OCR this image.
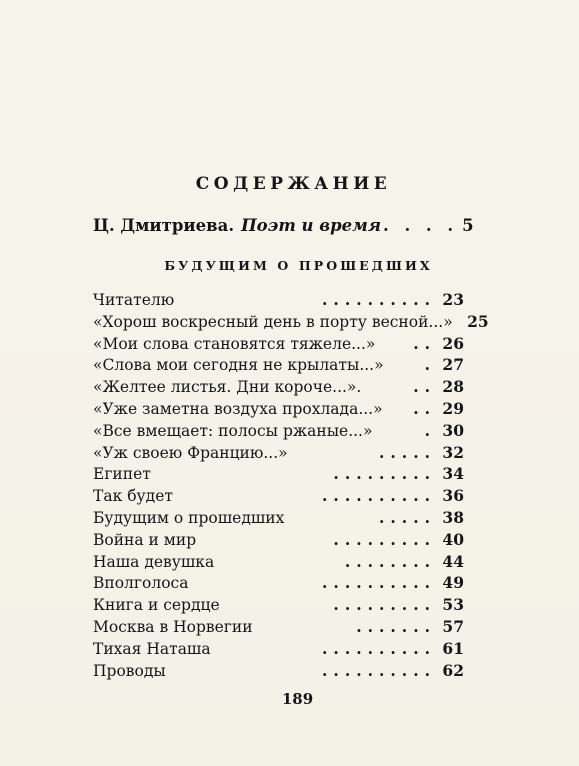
СОДЕРЖАНИЕ
Ц. Дмитриева. Поэт и время . . . . 5
БУДУЩИМ О ПРОШЕДШИХ
Читателю	.......... 23
«Хорош воскресный день в порту весной...» 25
«Мои слова становятся тяжеле...»	.. 26
«Слова мои сегодня не крылаты...»	. 27
«Желтее листья. Дни короче...».	.. 28
«Уже заметна воздуха прохлада...»	.. 29
«Все вмещает: полосы ржаные...»	. 30
«Уж своею Францию...»	..... 32
Египет	......... 34
Так будет	.......... 36
Будущим о прошедших	..... 38
Война и мир	......... 40
Наша девушка	........ 44
Вполголоса	.......... 49
Книга и сердце	......... 53
Москва в Норвегии	....... 57
Тихая Наташа	.......... 61
Проводы	.......... 62
189
